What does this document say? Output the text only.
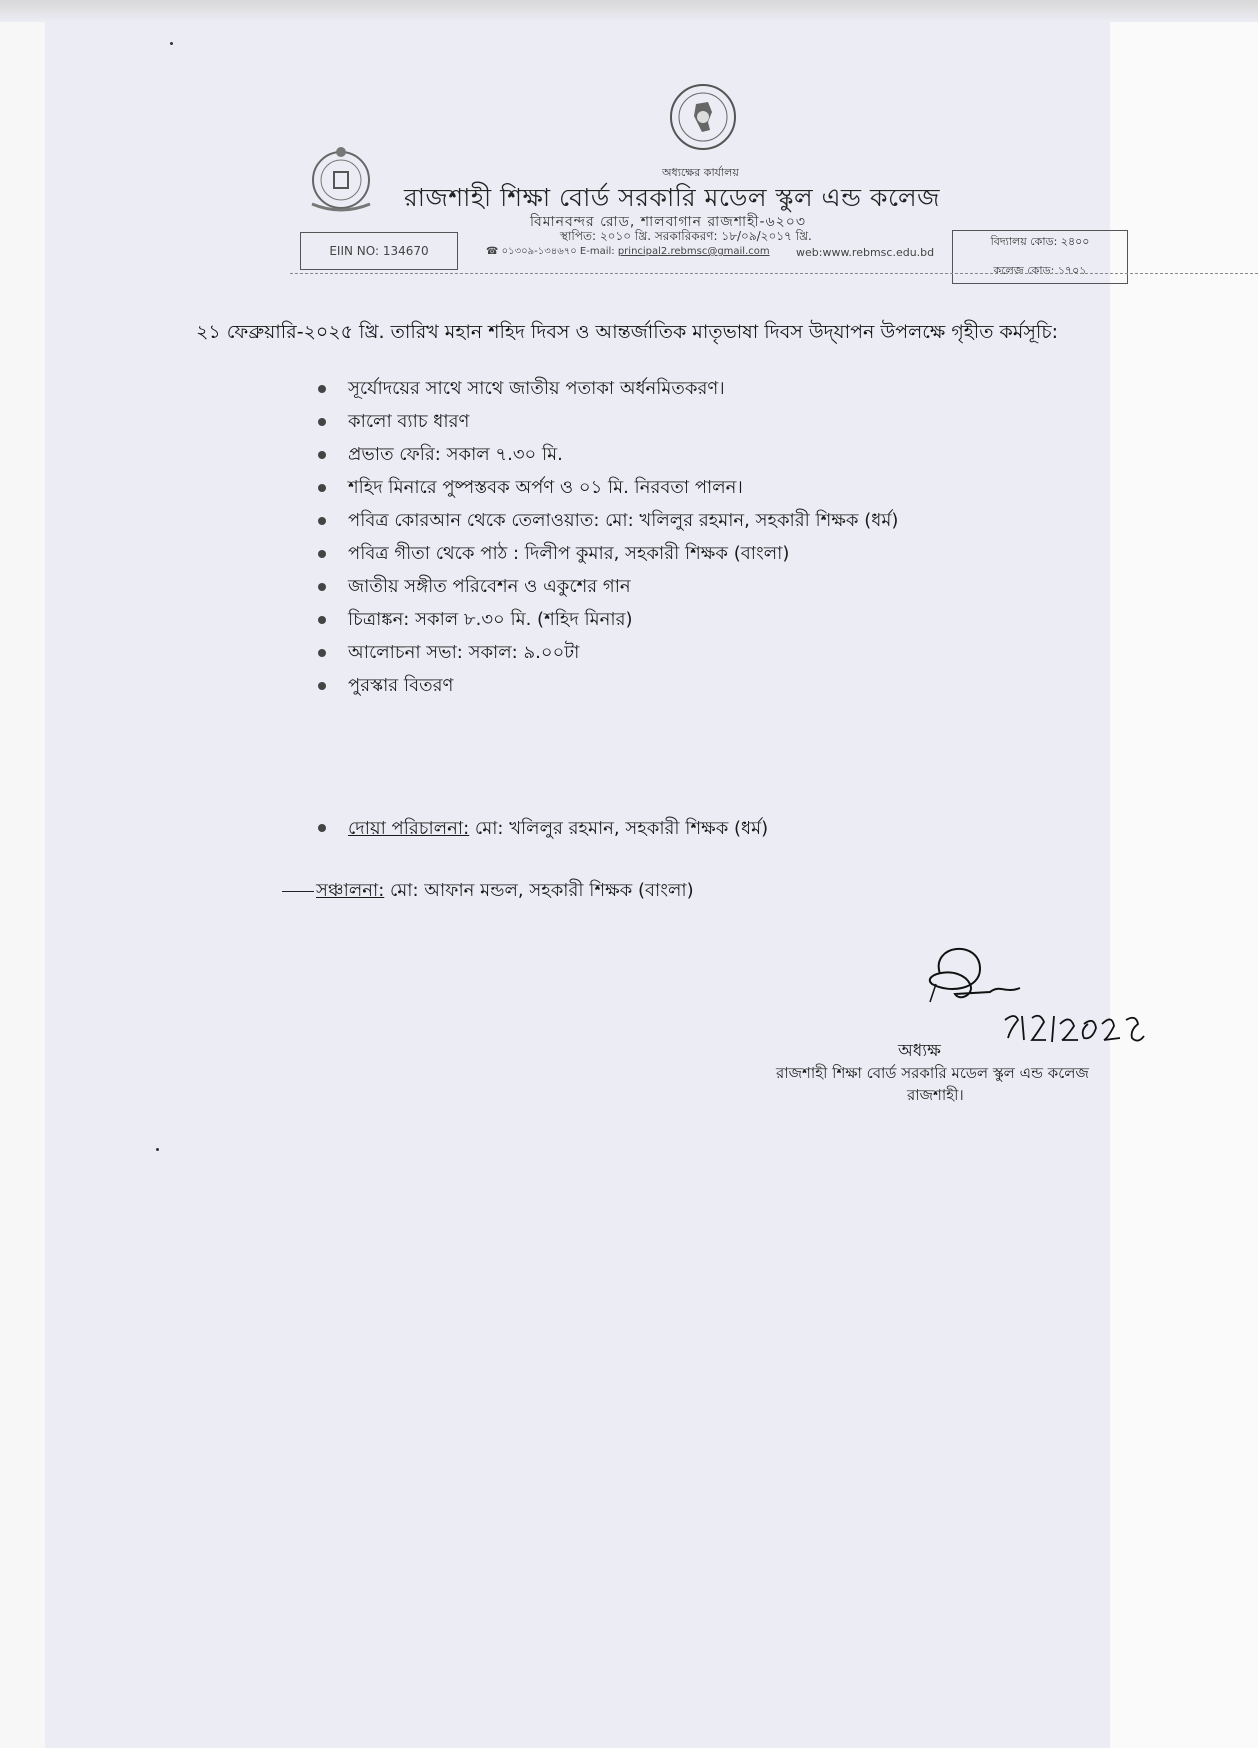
অধ্যক্ষের কার্যালয়
রাজশাহী শিক্ষা বোর্ড সরকারি মডেল স্কুল এন্ড কলেজ
বিমানবন্দর রোড, শালবাগান রাজশাহী-৬২০৩
স্থাপিত: ২০১০ খ্রি. সরকারিকরণ: ১৮/০৯/২০১৭ খ্রি.
☎ ০১৩০৯-১৩৪৬৭০ E-mail: principal2.rebmsc@gmail.com web:www.rebmsc.edu.bd
EIIN NO: 134670
বিদ্যালয় কোড: ২৪০০
কলেজ কোড: ১৭০১
২১ ফেব্রুয়ারি-২০২৫ খ্রি. তারিখ মহান শহিদ দিবস ও আন্তর্জাতিক মাতৃভাষা দিবস উদ্‌যাপন উপলক্ষে গৃহীত কর্মসূচি:
সূর্যোদয়ের সাথে সাথে জাতীয় পতাকা অর্ধনমিতকরণ।
কালো ব্যাচ ধারণ
প্রভাত ফেরি: সকাল ৭.৩০ মি.
শহিদ মিনারে পুষ্পস্তবক অর্পণ ও ০১ মি. নিরবতা পালন।
পবিত্র কোরআন থেকে তেলাওয়াত: মো: খলিলুর রহমান, সহকারী শিক্ষক (ধর্ম)
পবিত্র গীতা থেকে পাঠ : দিলীপ কুমার, সহকারী শিক্ষক (বাংলা)
জাতীয় সঙ্গীত পরিবেশন ও একুশের গান
চিত্রাঙ্কন: সকাল ৮.৩০ মি. (শহিদ মিনার)
আলোচনা সভা: সকাল: ৯.০০টা
পুরস্কার বিতরণ
দোয়া পরিচালনা: মো: খলিলুর রহমান, সহকারী শিক্ষক (ধর্ম)
সঞ্চালনা: মো: আফান মন্ডল, সহকারী শিক্ষক (বাংলা)
অধ্যক্ষ
রাজশাহী শিক্ষা বোর্ড সরকারি মডেল স্কুল এন্ড কলেজ
রাজশাহী।
